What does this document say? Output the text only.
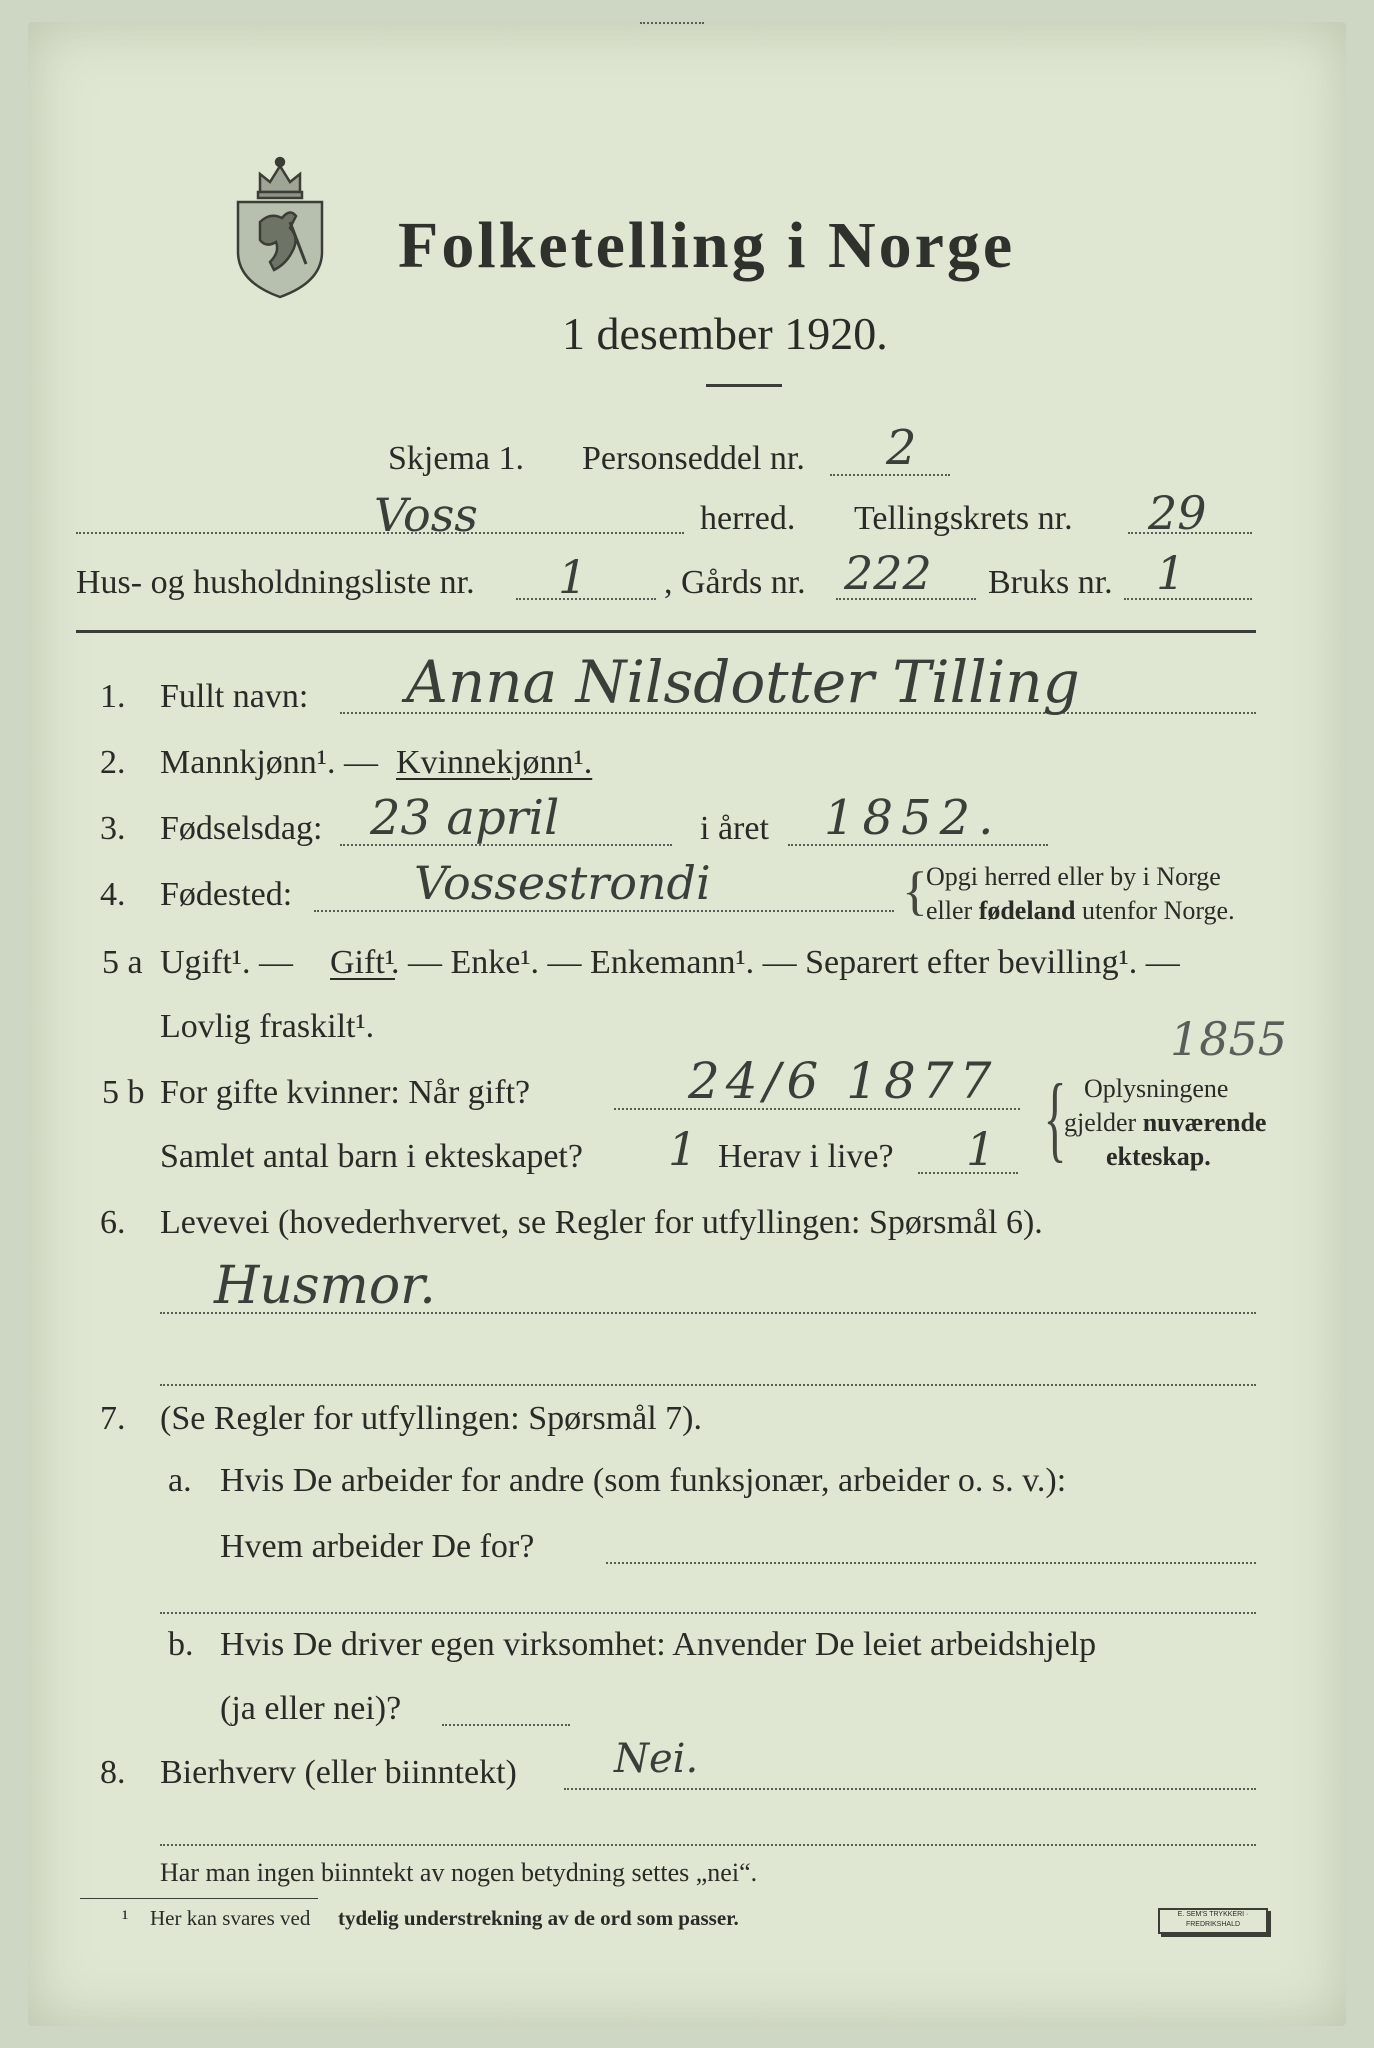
Folketelling i Norge
1 desember 1920.
Skjema 1. Personseddel nr. 2
Voss	herred. Tellingskrets nr. 29
Hus- og husholdningsliste nr. 1 , Gårds nr. 222 Bruks nr. 1
1. Fullt navn: Anna Nilsdotter Tilling
2. Mannkjønn¹. — Kvinnekjønn¹.
3. Fødselsdag: 23 april	i året 1852.
4. Fødested:	Vossestrondi	{
Opgi herred eller by i Norge
eller fødeland utenfor Norge.
5 a Ugift¹. — Gift¹
. — Enke¹. — Enkemann¹. — Separert efter bevilling¹. —
Lovlig fraskilt¹.	1855
5 b For gifte kvinner: Når gift?	24/6 1877
Samlet antal barn i ekteskapet? 1 Herav i live? 1 { Oplysningene
gjelder nuværende
ekteskap.
6. Levevei (hovederhvervet, se Regler for utfyllingen: Spørsmål 6).
Husmor.
7. (Se Regler for utfyllingen: Spørsmål 7).
a. Hvis De arbeider for andre (som funksjonær, arbeider o. s. v.):
Hvem arbeider De for?
b. Hvis De driver egen virksomhet: Anvender De leiet arbeidshjelp
(ja eller nei)?
8. Bierhverv (eller biinntekt) Nei.
Har man ingen biinntekt av nogen betydning settes „nei“.
¹ Her kan svares ved tydelig understrekning av de ord som passer.	E. SEM'S TRYKKERI · FREDRIKSHALD
